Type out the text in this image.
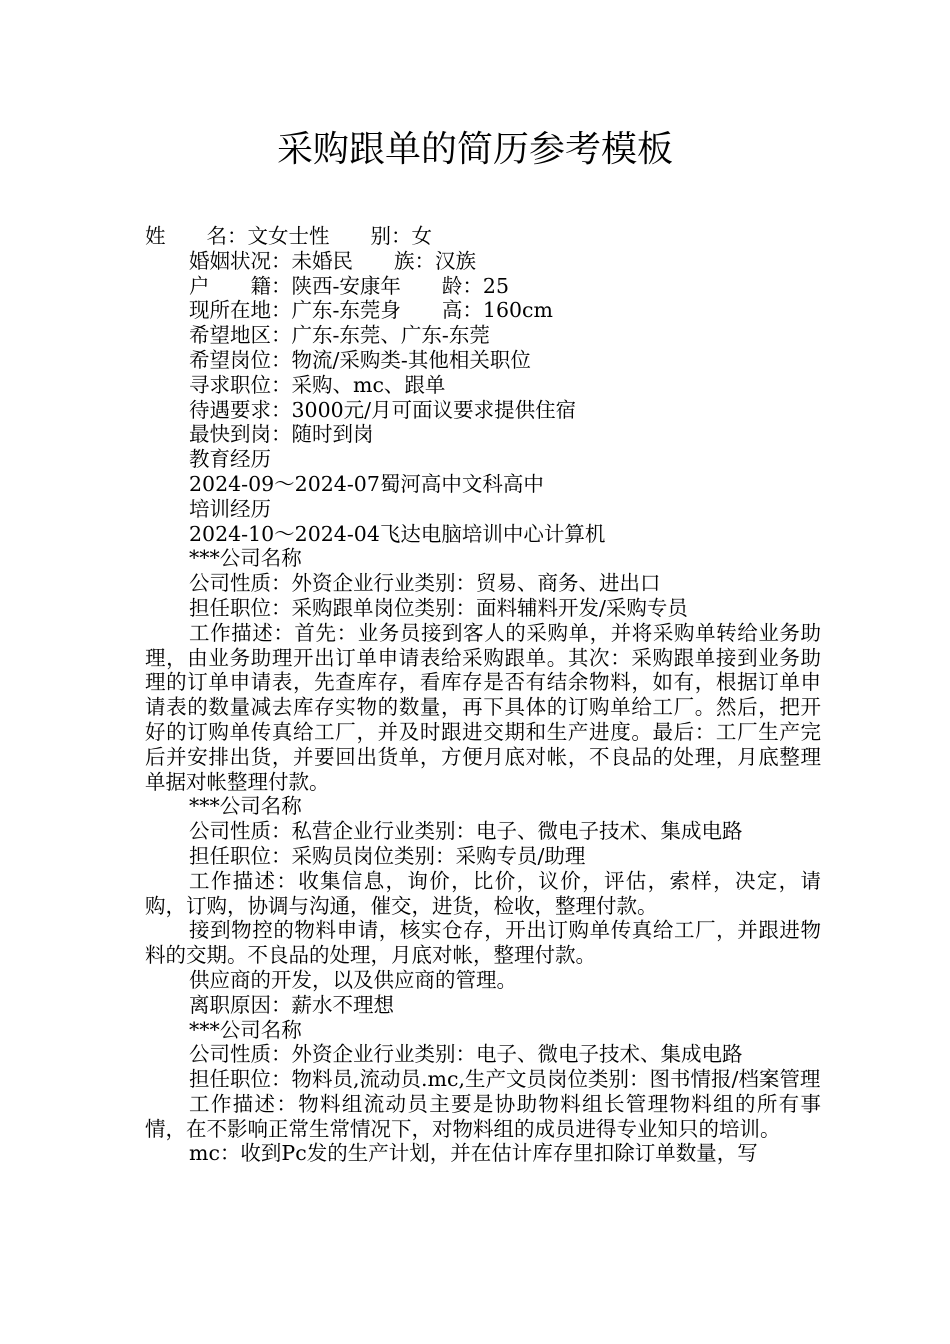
采购跟单的简历参考模板

姓　　名：文女士性　　别：女

婚姻状况：未婚民　　族：汉族

户　　籍：陕西-安康年　　龄：25

现所在地：广东-东莞身　　高：160cm

希望地区：广东-东莞、广东-东莞

希望岗位：物流/采购类-其他相关职位

寻求职位：采购、mc、跟单

待遇要求：3000元/月可面议要求提供住宿

最快到岗：随时到岗

教育经历

2024-09～2024-07蜀河高中文科高中

培训经历

2024-10～2024-04飞达电脑培训中心计算机

***公司名称

公司性质：外资企业行业类别：贸易、商务、进出口

担任职位：采购跟单岗位类别：面料辅料开发/采购专员

工作描述：首先：业务员接到客人的采购单，并将采购单转给业务助理，由业务助理开出订单申请表给采购跟单。其次：采购跟单接到业务助理的订单申请表，先查库存，看库存是否有结余物料，如有，根据订单申请表的数量减去库存实物的数量，再下具体的订购单给工厂。然后，把开好的订购单传真给工厂，并及时跟进交期和生产进度。最后：工厂生产完后并安排出货，并要回出货单，方便月底对帐，不良品的处理，月底整理单据对帐整理付款。

***公司名称

公司性质：私营企业行业类别：电子、微电子技术、集成电路

担任职位：采购员岗位类别：采购专员/助理

工作描述：收集信息，询价，比价，议价，评估，索样，决定，请购，订购，协调与沟通，催交，进货，检收，整理付款。

接到物控的物料申请，核实仓存，开出订购单传真给工厂，并跟进物料的交期。不良品的处理，月底对帐，整理付款。

供应商的开发，以及供应商的管理。

离职原因：薪水不理想

***公司名称

公司性质：外资企业行业类别：电子、微电子技术、集成电路

担任职位：物料员,流动员.mc,生产文员岗位类别：图书情报/档案管理

工作描述：物料组流动员主要是协助物料组长管理物料组的所有事情，在不影响正常生常情况下，对物料组的成员进得专业知只的培训。

mc：收到Pc发的生产计划，并在估计库存里扣除订单数量，写
